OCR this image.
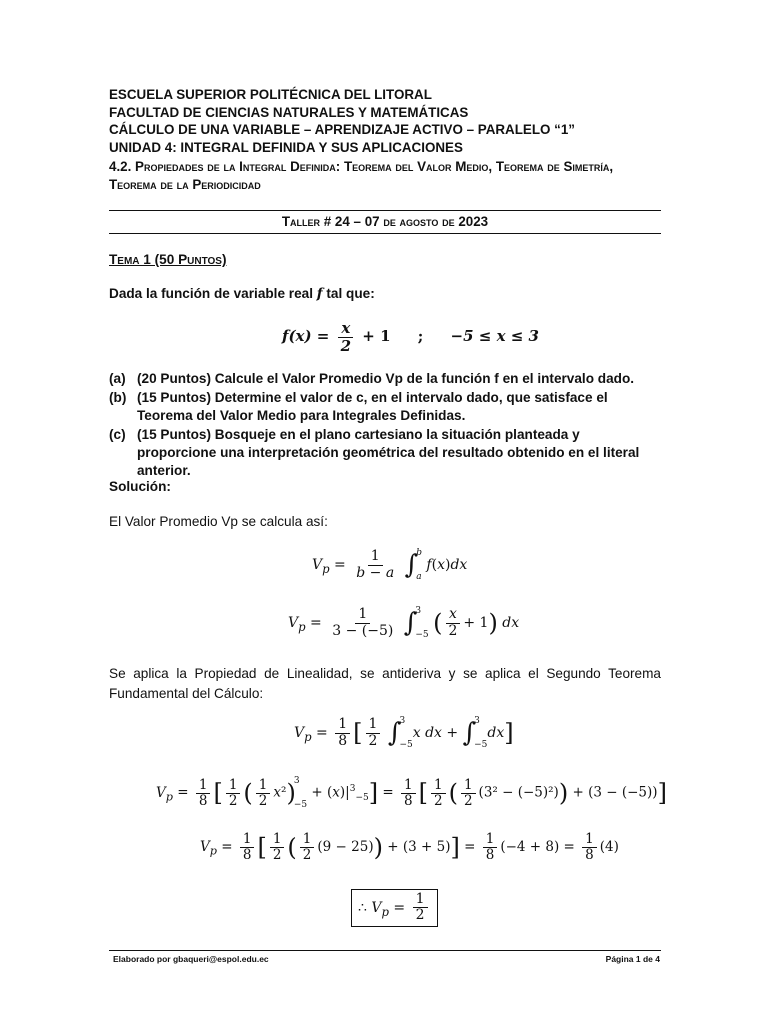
ESCUELA SUPERIOR POLITÉCNICA DEL LITORAL
FACULTAD DE CIENCIAS NATURALES Y MATEMÁTICAS
CÁLCULO DE UNA VARIABLE – APRENDIZAJE ACTIVO – PARALELO “1”
UNIDAD 4: INTEGRAL DEFINIDA Y SUS APLICACIONES
4.2. Propiedades de la Integral Definida: Teorema del Valor Medio, Teorema de Simetría,
Teorema de la Periodicidad
Taller # 24 – 07 de agosto de 2023
Tema 1 (50 Puntos)
Dada la función de variable real f tal que:
$f(x) = \frac{x}{2} + 1$ ; −5 ≤ x ≤ 3
(a) (20 Puntos) Calcule el Valor Promedio Vp de la función f en el intervalo dado.
(b) (15 Puntos) Determine el valor de c, en el intervalo dado, que satisface el Teorema del Valor Medio para Integrales Definidas.
(c) (15 Puntos) Bosqueje en el plano cartesiano la situación planteada y proporcione una interpretación geométrica del resultado obtenido en el literal anterior.
Solución:
El Valor Promedio Vp se calcula así:
$V_p = \frac{1}{b - a}$ ∫
b
a
f(x)dx
$V_p = \frac{1}{3 - (-5)}$ ∫
3
−5 ( $\frac{x}{2} + 1$) dx
Se aplica la Propiedad de Linealidad, se antideriva y se aplica el Segundo Teorema Fundamental del Cálculo:
$V_p = \frac{1}{8}$ [ $\frac{1}{2}$ ∫
3
−5
x dx + ∫
3
−5
dx]
$V_p = \frac{1}{8}$ [ $\frac{1}{2}$ ( $\frac{1}{2} x^2$)
3
−5
+ $(x)|^3_{-5}] = \frac{1}{8}$ [ $\frac{1}{2}$ ( $\frac{1}{2} (3^2 - (-5)^2)) + (3 - (-5))$]
$V_p = \frac{1}{8}$ [ $\frac{1}{2}$ ( $\frac{1}{2} (9 - 25)) + (3 + 5)] = \frac{1}{8} (-4 + 8) = \frac{1}{8} (4)$
∴ $V_p = \frac{1}{2}$
Elaborado por gbaqueri@espol.edu.ec	Página 1 de 4
